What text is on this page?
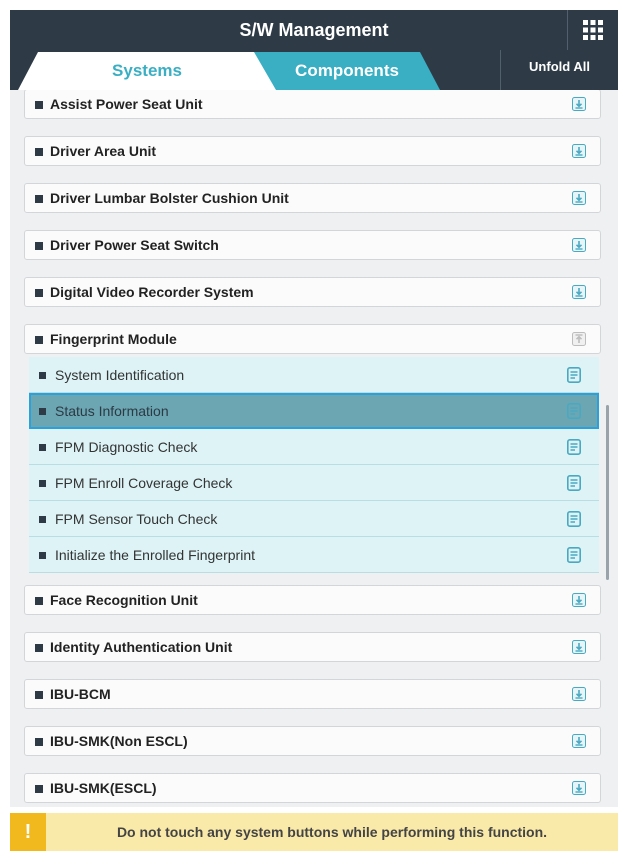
S/W Management
Systems	Components	Unfold All
Assist Power Seat Unit
Driver Area Unit
Driver Lumbar Bolster Cushion Unit
Driver Power Seat Switch
Digital Video Recorder System
Fingerprint Module
System Identification
Status Information
FPM Diagnostic Check
FPM Enroll Coverage Check
FPM Sensor Touch Check
Initialize the Enrolled Fingerprint
Face Recognition Unit
Identity Authentication Unit
IBU-BCM
IBU-SMK(Non ESCL)
IBU-SMK(ESCL)
!	Do not touch any system buttons while performing this function.
